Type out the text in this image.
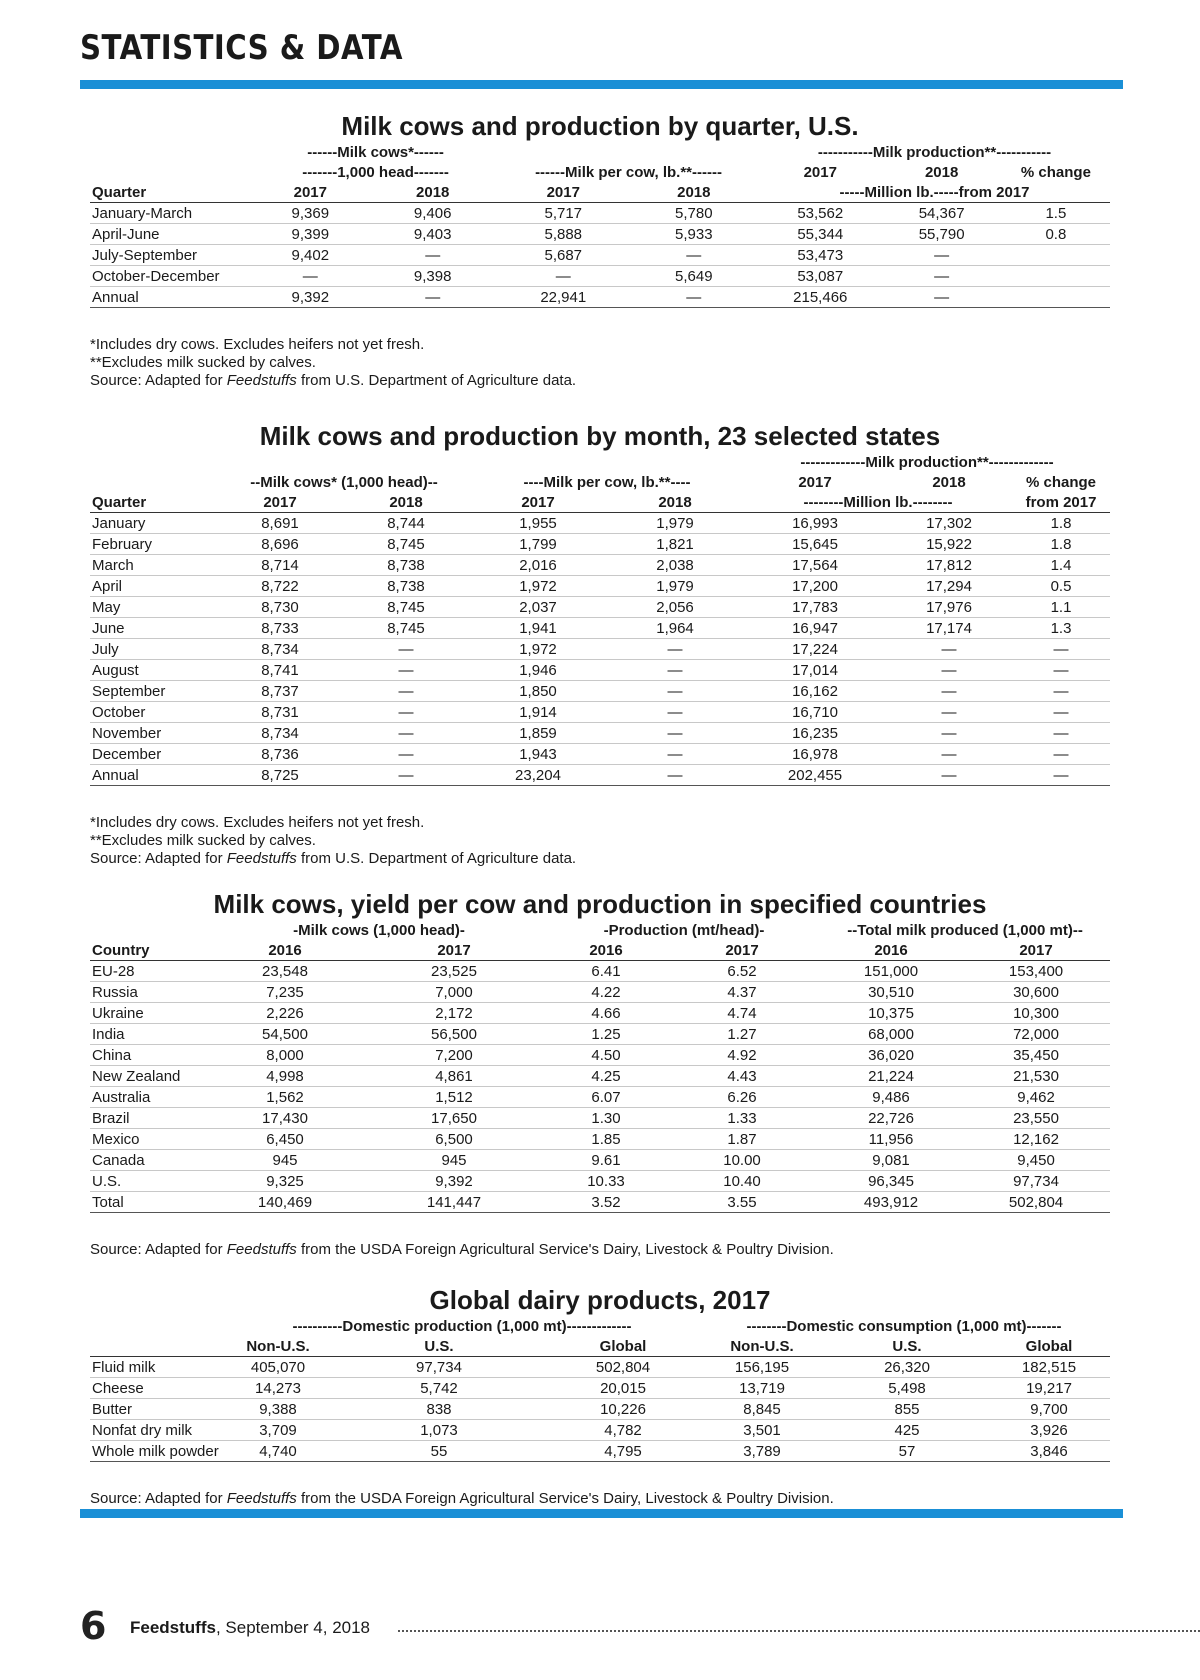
STATISTICS & DATA
Milk cows and production by quarter, U.S.
	------Milk cows*------				-----------Milk production**-----------		
	-------1,000 head-------		------Milk per cow, lb.**------		2017	2018	% change
Quarter	2017	2018	2017	2018	-----Million lb.-----from 2017		
January-March	9,369	9,406	5,717	5,780	53,562	54,367	1.5
April-June	9,399	9,403	5,888	5,933	55,344	55,790	0.8
July-September	9,402	—	5,687	—	53,473	—	
October-December	—	9,398	—	5,649	53,087	—	
Annual	9,392	—	22,941	—	215,466	—	
*Includes dry cows. Excludes heifers not yet fresh.
**Excludes milk sucked by calves.
Source: Adapted for Feedstuffs from U.S. Department of Agriculture data.
Milk cows and production by month, 23 selected states
					-------------Milk production**-------------		
	--Milk cows* (1,000 head)--		----Milk per cow, lb.**----		2017	2018	% change
Quarter	2017	2018	2017	2018	--------Million lb.--------		from 2017
January	8,691	8,744	1,955	1,979	16,993	17,302	1.8
February	8,696	8,745	1,799	1,821	15,645	15,922	1.8
March	8,714	8,738	2,016	2,038	17,564	17,812	1.4
April	8,722	8,738	1,972	1,979	17,200	17,294	0.5
May	8,730	8,745	2,037	2,056	17,783	17,976	1.1
June	8,733	8,745	1,941	1,964	16,947	17,174	1.3
July	8,734	—	1,972	—	17,224	—	—
August	8,741	—	1,946	—	17,014	—	—
September	8,737	—	1,850	—	16,162	—	—
October	8,731	—	1,914	—	16,710	—	—
November	8,734	—	1,859	—	16,235	—	—
December	8,736	—	1,943	—	16,978	—	—
Annual	8,725	—	23,204	—	202,455	—	—
*Includes dry cows. Excludes heifers not yet fresh.
**Excludes milk sucked by calves.
Source: Adapted for Feedstuffs from U.S. Department of Agriculture data.
Milk cows, yield per cow and production in specified countries
	-Milk cows (1,000 head)-		-Production (mt/head)-		--Total milk produced (1,000 mt)--	
Country	2016	2017	2016	2017	2016	2017
EU-28	23,548	23,525	6.41	6.52	151,000	153,400
Russia	7,235	7,000	4.22	4.37	30,510	30,600
Ukraine	2,226	2,172	4.66	4.74	10,375	10,300
India	54,500	56,500	1.25	1.27	68,000	72,000
China	8,000	7,200	4.50	4.92	36,020	35,450
New Zealand	4,998	4,861	4.25	4.43	21,224	21,530
Australia	1,562	1,512	6.07	6.26	9,486	9,462
Brazil	17,430	17,650	1.30	1.33	22,726	23,550
Mexico	6,450	6,500	1.85	1.87	11,956	12,162
Canada	945	945	9.61	10.00	9,081	9,450
U.S.	9,325	9,392	10.33	10.40	96,345	97,734
Total	140,469	141,447	3.52	3.55	493,912	502,804
Source: Adapted for Feedstuffs from the USDA Foreign Agricultural Service's Dairy, Livestock & Poultry Division.
Global dairy products, 2017
	----------Domestic production (1,000 mt)-------------			--------Domestic consumption (1,000 mt)-------		
	Non-U.S.	U.S.	Global	Non-U.S.	U.S.	Global
Fluid milk	405,070	97,734	502,804	156,195	26,320	182,515
Cheese	14,273	5,742	20,015	13,719	5,498	19,217
Butter	9,388	838	10,226	8,845	855	9,700
Nonfat dry milk	3,709	1,073	4,782	3,501	425	3,926
Whole milk powder	4,740	55	4,795	3,789	57	3,846
Source: Adapted for Feedstuffs from the USDA Foreign Agricultural Service's Dairy, Livestock & Poultry Division.
6 Feedstuffs, September 4, 2018
